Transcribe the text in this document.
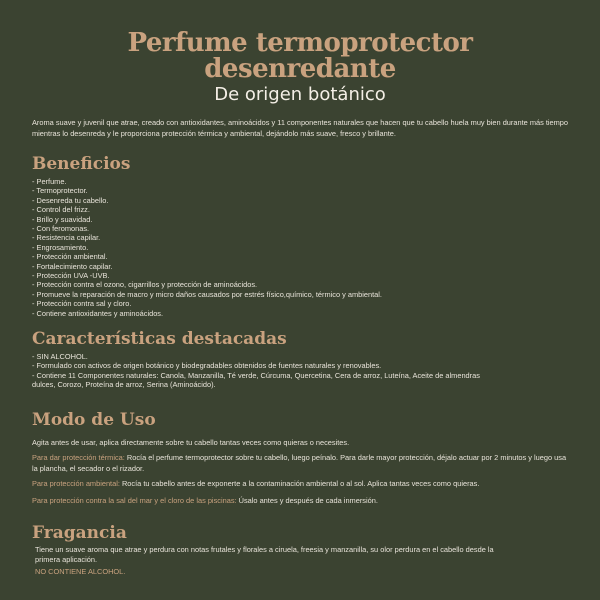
Perfume termoprotector
desenredante
De origen botánico
Aroma suave y juvenil que atrae, creado con antioxidantes, aminoácidos y 11 componentes naturales que hacen que tu cabello huela muy bien durante más tiempo mientras lo desenreda y le proporciona protección térmica y ambiental, dejándolo más suave, fresco y brillante.
Beneficios
- Perfume.
- Termoprotector.
- Desenreda tu cabello.
- Control del frizz.
- Brillo y suavidad.
- Con feromonas.
- Resistencia capilar.
- Engrosamiento.
- Protección ambiental.
- Fortalecimiento capilar.
- Protección UVA -UVB.
- Protección contra el ozono, cigarrillos y protección de aminoácidos.
- Promueve la reparación de macro y micro daños causados por estrés físico,químico, térmico y ambiental.
- Protección contra sal y cloro.
- Contiene antioxidantes y aminoácidos.
Características destacadas
- SIN ALCOHOL.
- Formulado con activos de origen botánico y biodegradables obtenidos de fuentes naturales y renovables.
- Contiene 11 Componentes naturales: Canola, Manzanilla, Té verde, Cúrcuma, Quercetina, Cera de arroz, Luteína, Aceite de almendras dulces, Corozo, Proteína de arroz, Serina (Aminoácido).
Modo de Uso
Agita antes de usar, aplica directamente sobre tu cabello tantas veces como quieras o necesites.
Para dar protección térmica: Rocía el perfume termoprotector sobre tu cabello, luego peínalo. Para darle mayor protección, déjalo actuar por 2 minutos y luego usa la plancha, el secador o el rizador.
Para protección ambiental: Rocía tu cabello antes de exponerte a la contaminación ambiental o al sol. Aplica tantas veces como quieras.
Para protección contra la sal del mar y el cloro de las piscinas: Úsalo antes y después de cada inmersión.
Fragancia
Tiene un suave aroma que atrae y perdura con notas frutales y florales a ciruela, freesia y manzanilla, su olor perdura en el cabello desde la primera aplicación.
NO CONTIENE ALCOHOL.
